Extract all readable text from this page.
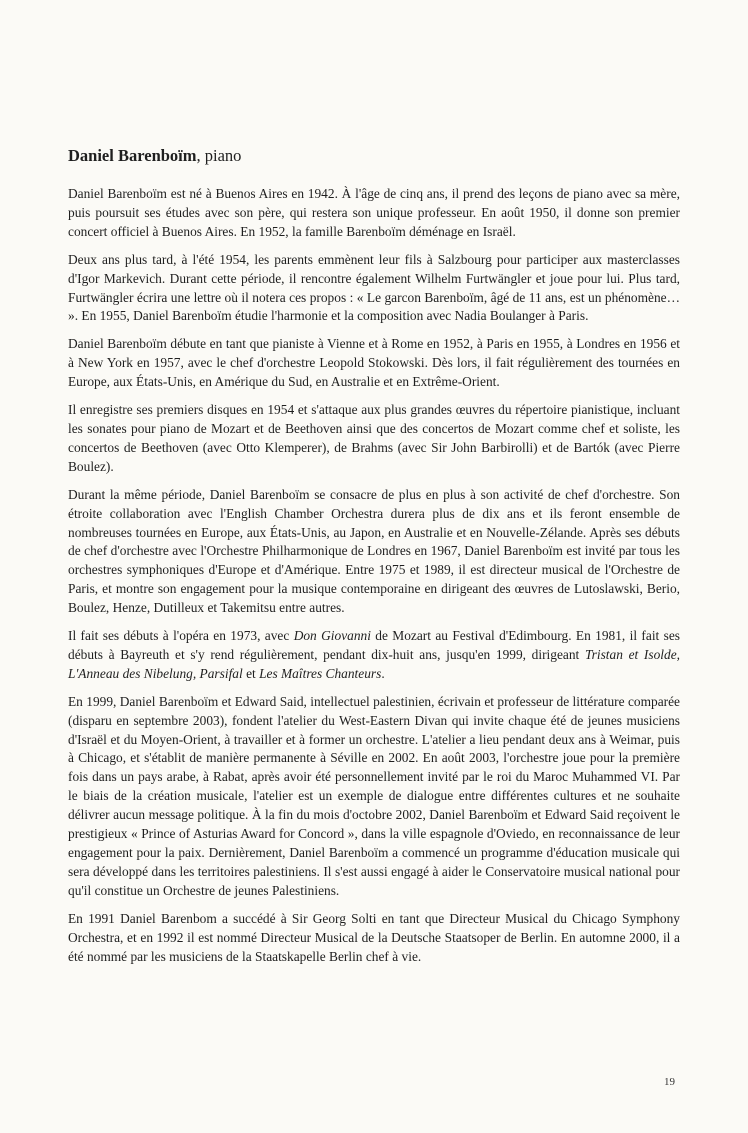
Daniel Barenboïm, piano

Daniel Barenboïm est né à Buenos Aires en 1942. À l'âge de cinq ans, il prend des leçons de piano avec sa mère, puis poursuit ses études avec son père, qui restera son unique professeur. En août 1950, il donne son premier concert officiel à Buenos Aires. En 1952, la famille Barenboïm déménage en Israël.

Deux ans plus tard, à l'été 1954, les parents emmènent leur fils à Salzbourg pour participer aux masterclasses d'Igor Markevich. Durant cette période, il rencontre également Wilhelm Furtwängler et joue pour lui. Plus tard, Furtwängler écrira une lettre où il notera ces propos : « Le garcon Barenboïm, âgé de 11 ans, est un phénomène… ». En 1955, Daniel Barenboïm étudie l'harmonie et la composition avec Nadia Boulanger à Paris.

Daniel Barenboïm débute en tant que pianiste à Vienne et à Rome en 1952, à Paris en 1955, à Londres en 1956 et à New York en 1957, avec le chef d'orchestre Leopold Stokowski. Dès lors, il fait régulièrement des tournées en Europe, aux États-Unis, en Amérique du Sud, en Australie et en Extrême-Orient.

Il enregistre ses premiers disques en 1954 et s'attaque aux plus grandes œuvres du répertoire pianistique, incluant les sonates pour piano de Mozart et de Beethoven ainsi que des concertos de Mozart comme chef et soliste, les concertos de Beethoven (avec Otto Klemperer), de Brahms (avec Sir John Barbirolli) et de Bartók (avec Pierre Boulez).

Durant la même période, Daniel Barenboïm se consacre de plus en plus à son activité de chef d'orchestre. Son étroite collaboration avec l'English Chamber Orchestra durera plus de dix ans et ils feront ensemble de nombreuses tournées en Europe, aux États-Unis, au Japon, en Australie et en Nouvelle-Zélande. Après ses débuts de chef d'orchestre avec l'Orchestre Philharmonique de Londres en 1967, Daniel Barenboïm est invité par tous les orchestres symphoniques d'Europe et d'Amérique. Entre 1975 et 1989, il est directeur musical de l'Orchestre de Paris, et montre son engagement pour la musique contemporaine en dirigeant des œuvres de Lutoslawski, Berio, Boulez, Henze, Dutilleux et Takemitsu entre autres.

Il fait ses débuts à l'opéra en 1973, avec Don Giovanni de Mozart au Festival d'Edimbourg. En 1981, il fait ses débuts à Bayreuth et s'y rend régulièrement, pendant dix-huit ans, jusqu'en 1999, dirigeant Tristan et Isolde, L'Anneau des Nibelung, Parsifal et Les Maîtres Chanteurs.

En 1999, Daniel Barenboïm et Edward Said, intellectuel palestinien, écrivain et professeur de littérature comparée (disparu en septembre 2003), fondent l'atelier du West-Eastern Divan qui invite chaque été de jeunes musiciens d'Israël et du Moyen-Orient, à travailler et à former un orchestre. L'atelier a lieu pendant deux ans à Weimar, puis à Chicago, et s'établit de manière permanente à Séville en 2002. En août 2003, l'orchestre joue pour la première fois dans un pays arabe, à Rabat, après avoir été personnellement invité par le roi du Maroc Muhammed VI. Par le biais de la création musicale, l'atelier est un exemple de dialogue entre différentes cultures et ne souhaite délivrer aucun message politique. À la fin du mois d'octobre 2002, Daniel Barenboïm et Edward Said reçoivent le prestigieux « Prince of Asturias Award for Concord », dans la ville espagnole d'Oviedo, en reconnaissance de leur engagement pour la paix. Dernièrement, Daniel Barenboïm a commencé un programme d'éducation musicale qui sera développé dans les territoires palestiniens. Il s'est aussi engagé à aider le Conservatoire musical national pour qu'il constitue un Orchestre de jeunes Palestiniens.

En 1991 Daniel Barenbom a succédé à Sir Georg Solti en tant que Directeur Musical du Chicago Symphony Orchestra, et en 1992 il est nommé Directeur Musical de la Deutsche Staatsoper de Berlin. En automne 2000, il a été nommé par les musiciens de la Staatskapelle Berlin chef à vie.

19
